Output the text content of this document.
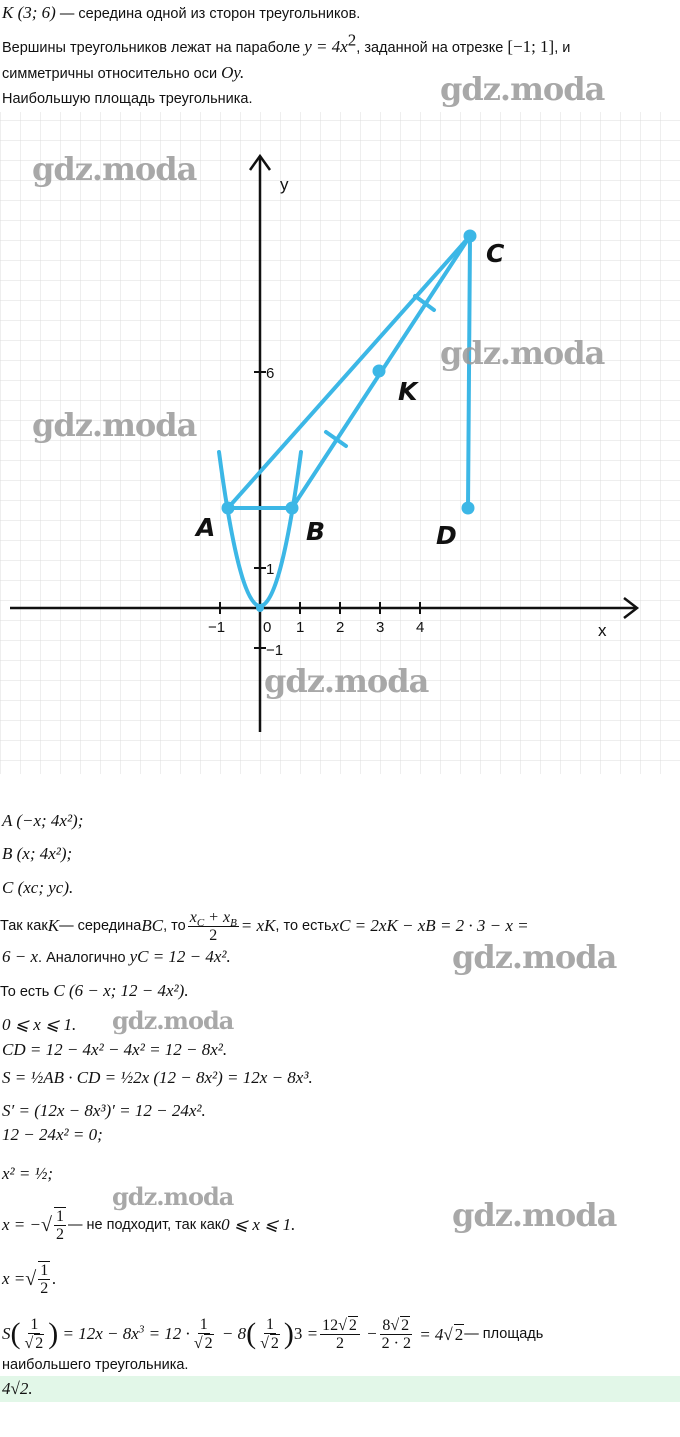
K (3; 6) — середина одной из сторон треугольников.
Вершины треугольников лежат на параболе $y = 4x^2$, заданной на отрезке [−1; 1], и
симметричны относительно оси Oy.
Наибольшую площадь треугольника.
−1	0 1 2 3 4
6
1
−1
y
x
A	B
C
D
K
gdz.moda
gdz.moda
gdz.moda
gdz.moda
gdz.moda
gdz.moda
gdz.moda
gdz.moda	gdz.moda
A (−x; 4x²);
B (x; 4x²);
C (xc; yc).
Так как K — середина BC , то $\frac{x_C + x_B}{2}$ = xK , то есть xC = 2xK − xB = 2 · 3 − x =
6 − x. Аналогично yC = 12 − 4x².
То есть C (6 − x; 12 − 4x²).
0 ⩽ x ⩽ 1.
CD = 12 − 4x² − 4x² = 12 − 8x².
S = ½AB · CD = ½2x (12 − 8x²) = 12x − 8x³.
S′ = (12x − 8x³)′ = 12 − 24x².
12 − 24x² = 0;
x² = ½;
x = − √ $\frac{1}{2}$ — не подходит, так как 0 ⩽ x ⩽ 1.
x = √ $\frac{1}{2}$ .
S ( $\frac{1}{√ 2}$ ) = $12x - 8x^3 = 12 \cdot \frac{1}{√ 2} - 8$ ( $\frac{1}{√ 2}$ ) $3 = \frac{12√ 2}{2} - \frac{8√ 2}{2 \cdot 2} = 4√$ 2 — площадь
наибольшего треугольника.
4√2.
